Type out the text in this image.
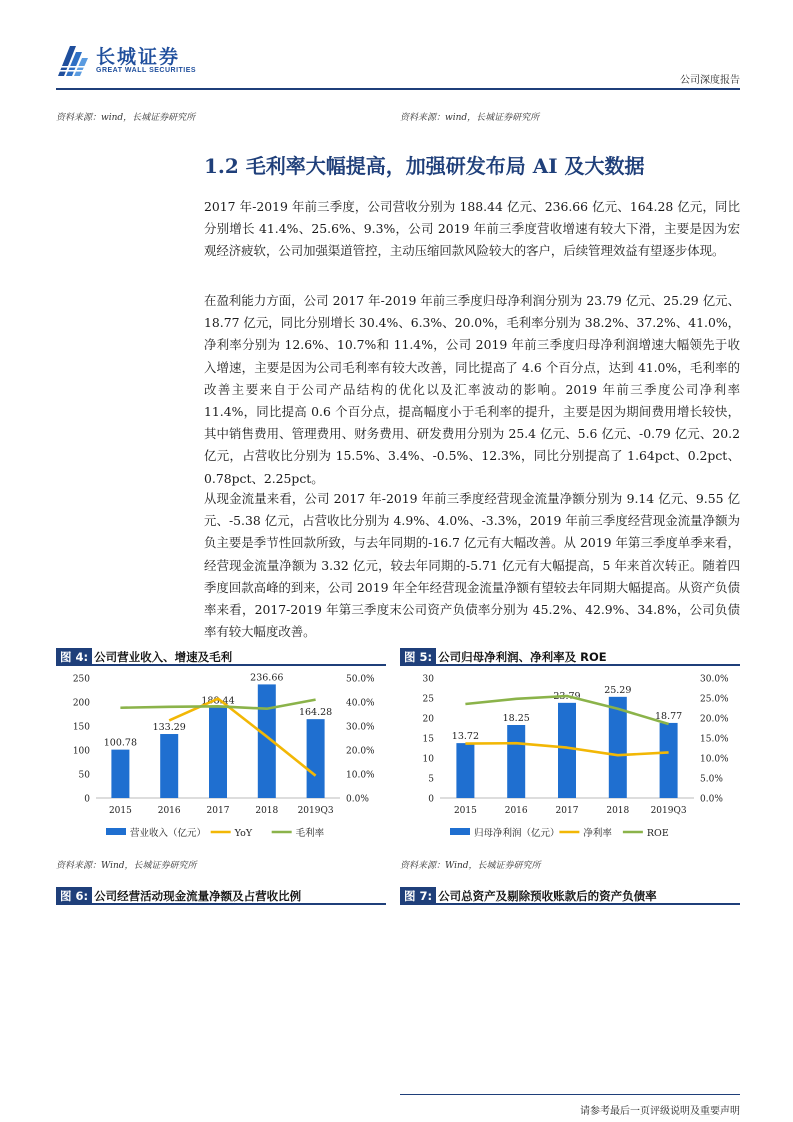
长城证券
GREAT WALL SECURITIES
公司深度报告
资料来源：wind，长城证券研究所	资料来源：wind，长城证券研究所
1.2 毛利率大幅提高，加强研发布局 AI 及大数据
2017 年-2019 年前三季度，公司营收分别为 188.44 亿元、236.66 亿元、164.28 亿元，同比分别增长 41.4%、25.6%、9.3%，公司 2019 年前三季度营收增速有较大下滑，主要是因为宏观经济疲软，公司加强渠道管控，主动压缩回款风险较大的客户，后续管理效益有望逐步体现。
在盈利能力方面，公司 2017 年-2019 年前三季度归母净利润分别为 23.79 亿元、25.29 亿元、18.77 亿元，同比分别增长 30.4%、6.3%、20.0%，毛利率分别为 38.2%、37.2%、41.0%，净利率分别为 12.6%、10.7%和 11.4%，公司 2019 年前三季度归母净利润增速大幅领先于收入增速，主要是因为公司毛利率有较大改善，同比提高了 4.6 个百分点，达到 41.0%，毛利率的改善主要来自于公司产品结构的优化以及汇率波动的影响。2019 年前三季度公司净利率 11.4%，同比提高 0.6 个百分点，提高幅度小于毛利率的提升，主要是因为期间费用增长较快，其中销售费用、管理费用、财务费用、研发费用分别为 25.4 亿元、5.6 亿元、-0.79 亿元、20.2 亿元，占营收比分别为 15.5%、3.4%、-0.5%、12.3%，同比分别提高了 1.64pct、0.2pct、0.78pct、2.25pct。
从现金流量来看，公司 2017 年-2019 年前三季度经营现金流量净额分别为 9.14 亿元、9.55 亿元、-5.38 亿元，占营收比分别为 4.9%、4.0%、-3.3%，2019 年前三季度经营现金流量净额为负主要是季节性回款所致，与去年同期的-16.7 亿元有大幅改善。从 2019 年第三季度单季来看，经营现金流量净额为 3.32 亿元，较去年同期的-5.71 亿元有大幅提高，5 年来首次转正。随着四季度回款高峰的到来，公司 2019 年全年经营现金流量净额有望较去年同期大幅提高。从资产负债率来看，2017-2019 年第三季度末公司资产负债率分别为 45.2%、42.9%、34.8%，公司负债率有较大幅度改善。
图 4: 公司营业收入、增速及毛利
0
50
100
150
200
250
0.0%
10.0%
20.0%
30.0%
40.0%
50.0%
2015	2016	2017	2018 2019Q3
100.78
133.29
188.44
236.66
164.28
营业收入（亿元）	YoY	毛利率
资料来源：Wind，长城证券研究所
图 5: 公司归母净利润、净利率及 ROE
0
5
10
15
20
25
30
0.0%
5.0%
10.0%
15.0%
20.0%
25.0%
30.0%
2015	2016	2017	2018 2019Q3
13.72
18.25
23.79
25.29
18.77
归母净利润（亿元）	净利率	ROE
资料来源：Wind，长城证券研究所
图 6: 公司经营活动现金流量净额及占营收比例	图 7: 公司总资产及剔除预收账款后的资产负债率
请参考最后一页评级说明及重要声明
